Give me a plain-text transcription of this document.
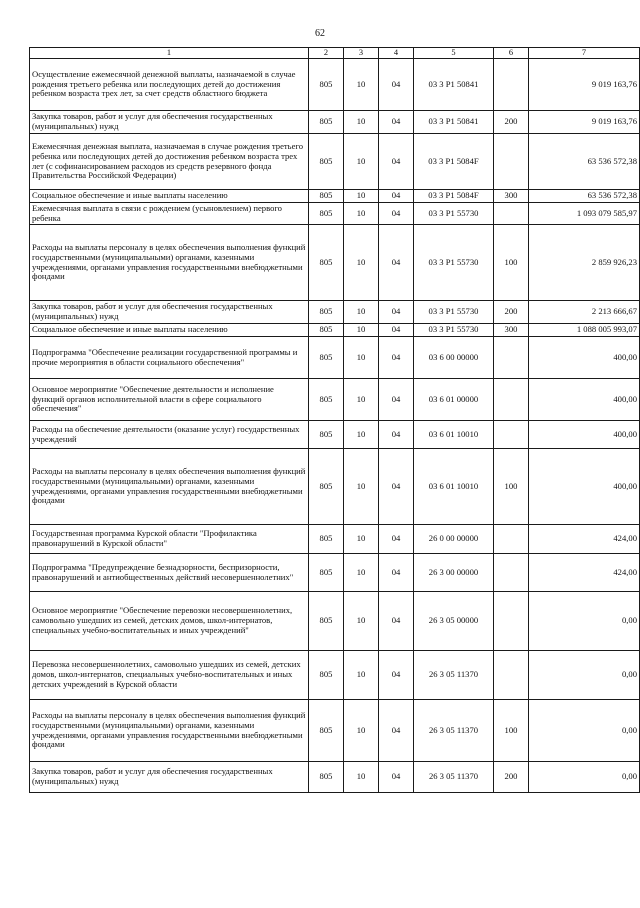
62
1	2	3	4	5	6	7
Осуществление ежемесячной денежной выплаты, назначаемой в случае рождения третьего ребенка или последующих детей до достижения ребенком возраста трех лет, за счет средств областного бюджета	805	10	04	03 3 P1 50841		9 019 163,76
Закупка товаров, работ и услуг для обеспечения государственных (муниципальных) нужд	805	10	04	03 3 P1 50841	200	9 019 163,76
Ежемесячная денежная выплата, назначаемая в случае рождения третьего ребенка или последующих детей до достижения ребенком возраста трех лет (с софинансированием расходов из средств резервного фонда Правительства Российской Федерации)	805	10	04	03 3 P1 5084F		63 536 572,38
Социальное обеспечение и иные выплаты населению	805	10	04	03 3 P1 5084F	300	63 536 572,38
Ежемесячная выплата в связи с рождением (усыновлением) первого ребенка	805	10	04	03 3 P1 55730		1 093 079 585,97
Расходы на выплаты персоналу в целях обеспечения выполнения функций государственными (муниципальными) органами, казенными учреждениями, органами управления государственными внебюджетными фондами	805	10	04	03 3 P1 55730	100	2 859 926,23
Закупка товаров, работ и услуг для обеспечения государственных (муниципальных) нужд	805	10	04	03 3 P1 55730	200	2 213 666,67
Социальное обеспечение и иные выплаты населению	805	10	04	03 3 P1 55730	300	1 088 005 993,07
Подпрограмма "Обеспечение реализации государственной программы и прочие мероприятия в области социального обеспечения"	805	10	04	03 6 00 00000		400,00
Основное мероприятие "Обеспечение деятельности и исполнение функций органов исполнительной власти в сфере социального обеспечения"	805	10	04	03 6 01 00000		400,00
Расходы на обеспечение деятельности (оказание услуг) государственных учреждений	805	10	04	03 6 01 10010		400,00
Расходы на выплаты персоналу в целях обеспечения выполнения функций государственными (муниципальными) органами, казенными учреждениями, органами управления государственными внебюджетными фондами	805	10	04	03 6 01 10010	100	400,00
Государственная программа Курской области "Профилактика правонарушений в Курской области"	805	10	04	26 0 00 00000		424,00
Подпрограмма "Предупреждение безнадзорности, беспризорности, правонарушений и антиобщественных действий несовершеннолетних"	805	10	04	26 3 00 00000		424,00
Основное мероприятие "Обеспечение перевозки несовершеннолетних, самовольно ушедших из семей, детских домов, школ-интернатов, специальных учебно-воспитательных и иных учреждений"	805	10	04	26 3 05 00000		0,00
Перевозка несовершеннолетних, самовольно ушедших из семей, детских домов, школ-интернатов, специальных учебно-воспитательных и иных детских учреждений в Курской области	805	10	04	26 3 05 11370		0,00
Расходы на выплаты персоналу в целях обеспечения выполнения функций государственными (муниципальными) органами, казенными учреждениями, органами управления государственными внебюджетными фондами	805	10	04	26 3 05 11370	100	0,00
Закупка товаров, работ и услуг для обеспечения государственных (муниципальных) нужд	805	10	04	26 3 05 11370	200	0,00
